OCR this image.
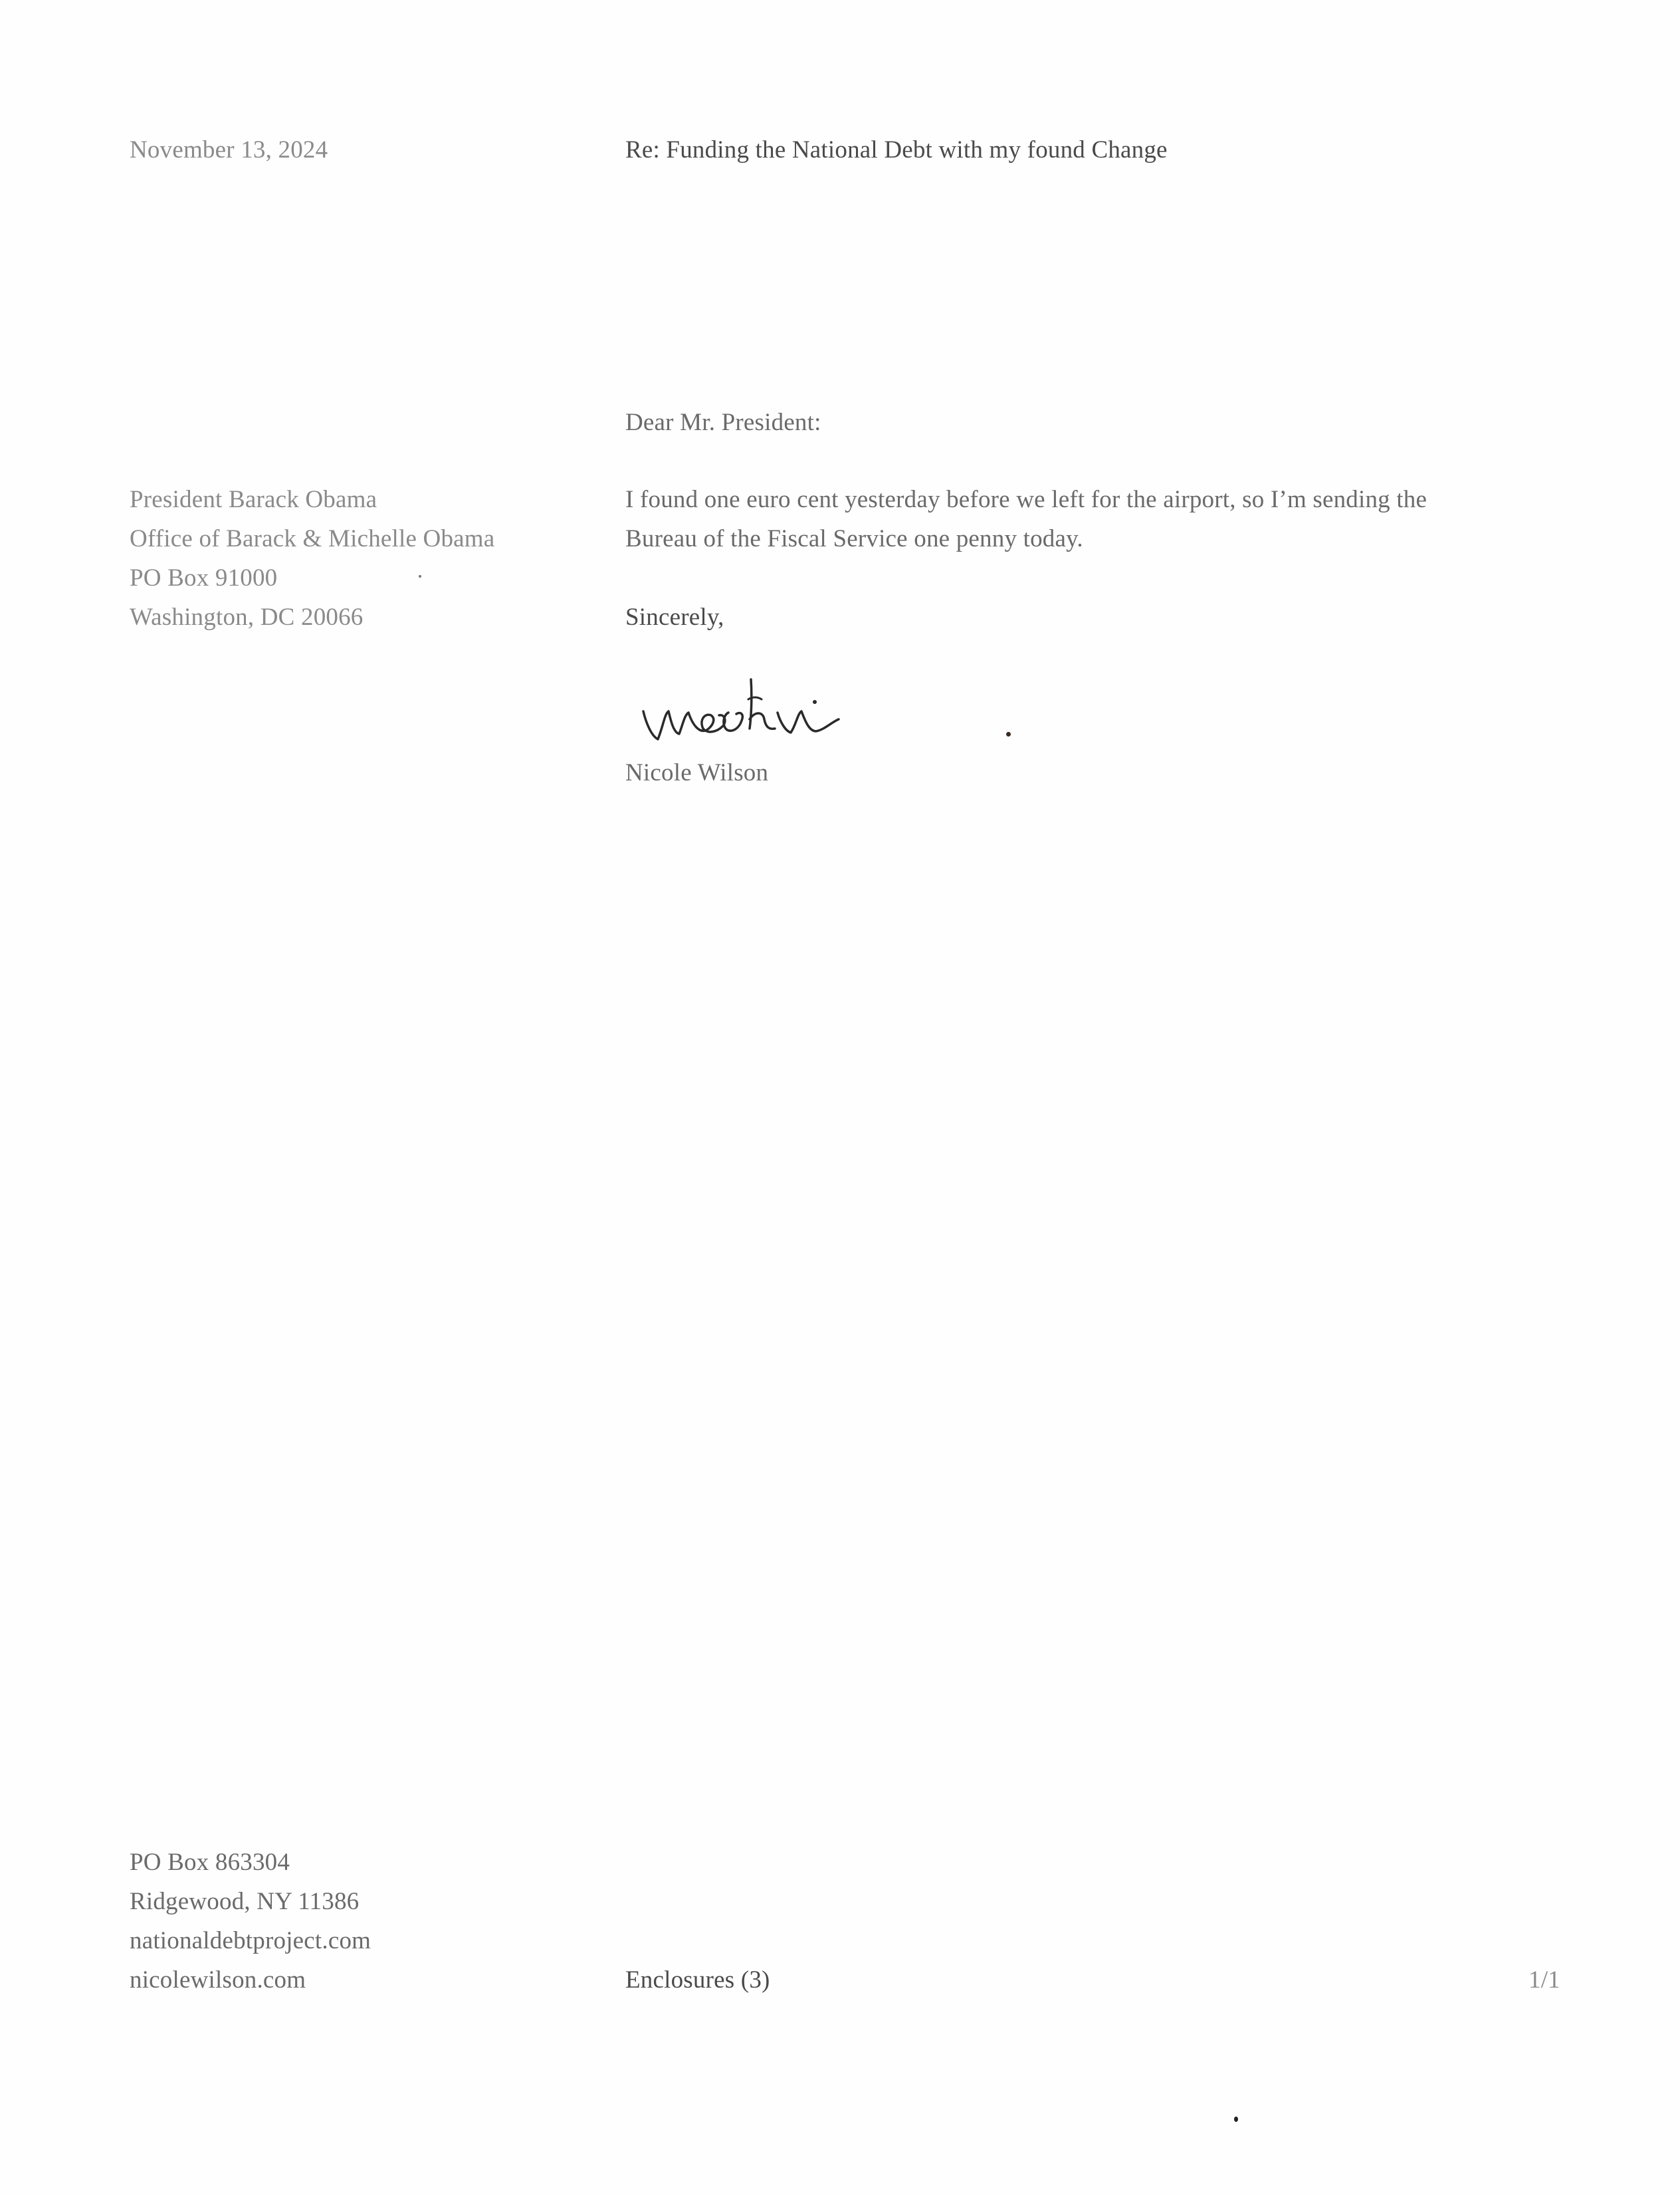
November 13, 2024	Re: Funding the National Debt with my found Change
Dear Mr. President:
President Barack Obama
Office of Barack & Michelle Obama
PO Box 91000
Washington, DC 20066
I found one euro cent yesterday before we left for the airport, so I’m sending the
Bureau of the Fiscal Service one penny today.
Sincerely,
Nicole Wilson
PO Box 863304
Ridgewood, NY 11386
nationaldebtproject.com
nicolewilson.com	Enclosures (3)	1/1
